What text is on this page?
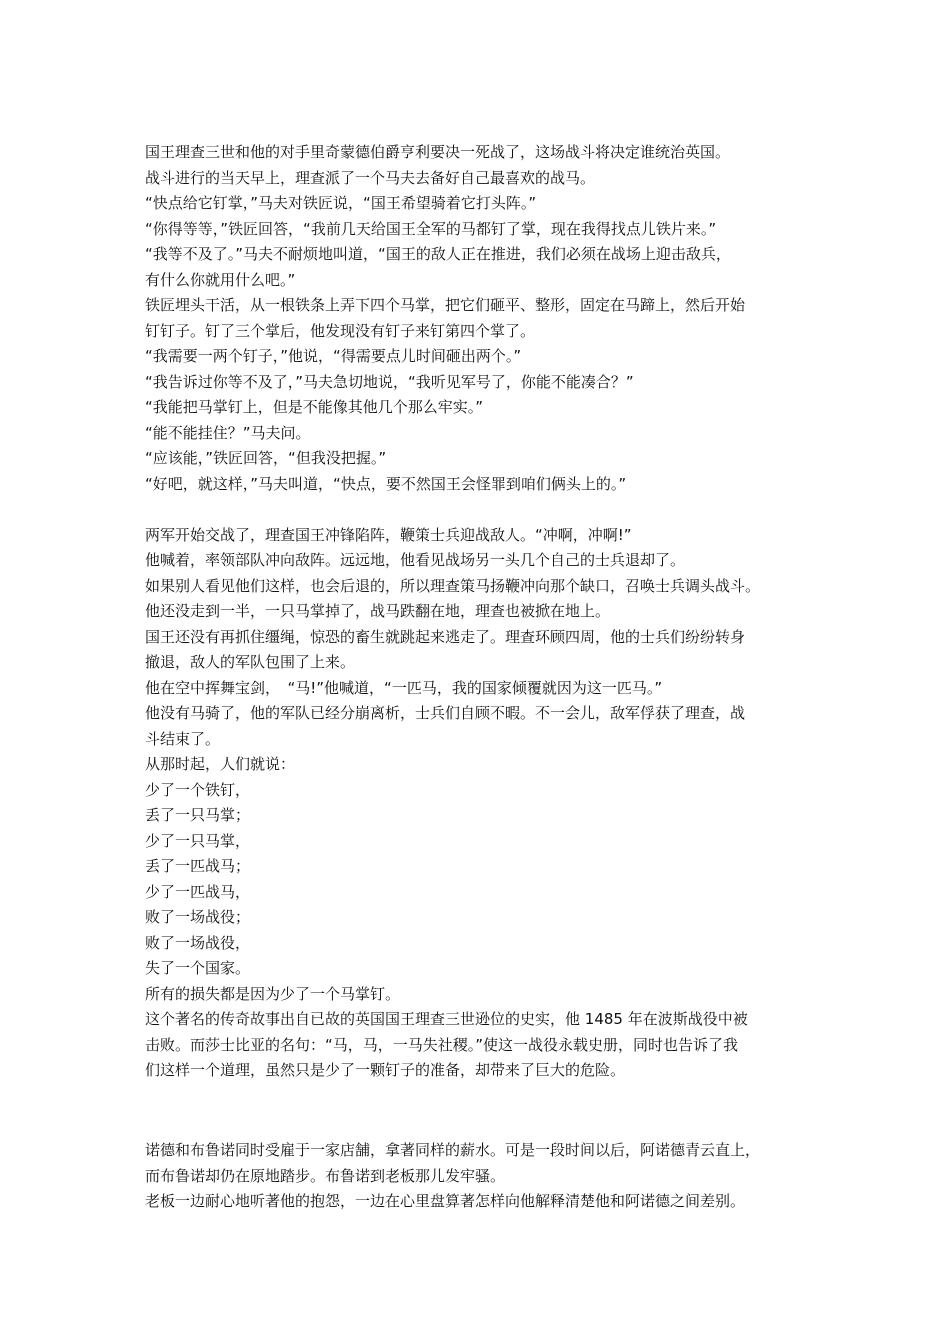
国王理查三世和他的对手里奇蒙德伯爵亨利要决一死战了，这场战斗将决定谁统治英国。
战斗进行的当天早上，理查派了一个马夫去备好自己最喜欢的战马。
“快点给它钉掌，”马夫对铁匠说，“国王希望骑着它打头阵。”
“你得等等，”铁匠回答，“我前几天给国王全军的马都钉了掌，现在我得找点儿铁片来。”
“我等不及了。”马夫不耐烦地叫道，“国王的敌人正在推进，我们必须在战场上迎击敌兵，
有什么你就用什么吧。”
铁匠埋头干活，从一根铁条上弄下四个马掌，把它们砸平、整形，固定在马蹄上，然后开始
钉钉子。钉了三个掌后，他发现没有钉子来钉第四个掌了。
“我需要一两个钉子，”他说，“得需要点儿时间砸出两个。”
“我告诉过你等不及了，”马夫急切地说，“我听见军号了，你能不能凑合？”
“我能把马掌钉上，但是不能像其他几个那么牢实。”
“能不能挂住？”马夫问。
“应该能，”铁匠回答，“但我没把握。”
“好吧，就这样，”马夫叫道，“快点，要不然国王会怪罪到咱们俩头上的。”
两军开始交战了，理查国王冲锋陷阵，鞭策士兵迎战敌人。“冲啊，冲啊!”
他喊着，率领部队冲向敌阵。远远地，他看见战场另一头几个自己的士兵退却了。
如果别人看见他们这样，也会后退的，所以理查策马扬鞭冲向那个缺口，召唤士兵调头战斗。
他还没走到一半，一只马掌掉了，战马跌翻在地，理查也被掀在地上。
国王还没有再抓住缰绳，惊恐的畜生就跳起来逃走了。理查环顾四周，他的士兵们纷纷转身
撤退，敌人的军队包围了上来。
他在空中挥舞宝剑，　“马!”他喊道，“一匹马，我的国家倾覆就因为这一匹马。”
他没有马骑了，他的军队已经分崩离析，士兵们自顾不暇。不一会儿，敌军俘获了理查，战
斗结束了。
从那时起，人们就说：
少了一个铁钉，
丢了一只马掌；
少了一只马掌，
丢了一匹战马；
少了一匹战马，
败了一场战役；
败了一场战役，
失了一个国家。
所有的损失都是因为少了一个马掌钉。
这个著名的传奇故事出自已故的英国国王理查三世逊位的史实，他 1485 年在波斯战役中被
击败。而莎士比亚的名句：“马，马，一马失社稷。”使这一战役永载史册，同时也告诉了我
们这样一个道理，虽然只是少了一颗钉子的准备，却带来了巨大的危险。
诺德和布鲁诺同时受雇于一家店舗，拿著同样的薪水。可是一段时间以后，阿诺德青云直上，
而布鲁诺却仍在原地踏步。布鲁诺到老板那儿发牢骚。
老板一边耐心地听著他的抱怨，一边在心里盘算著怎样向他解释清楚他和阿诺德之间差别。
